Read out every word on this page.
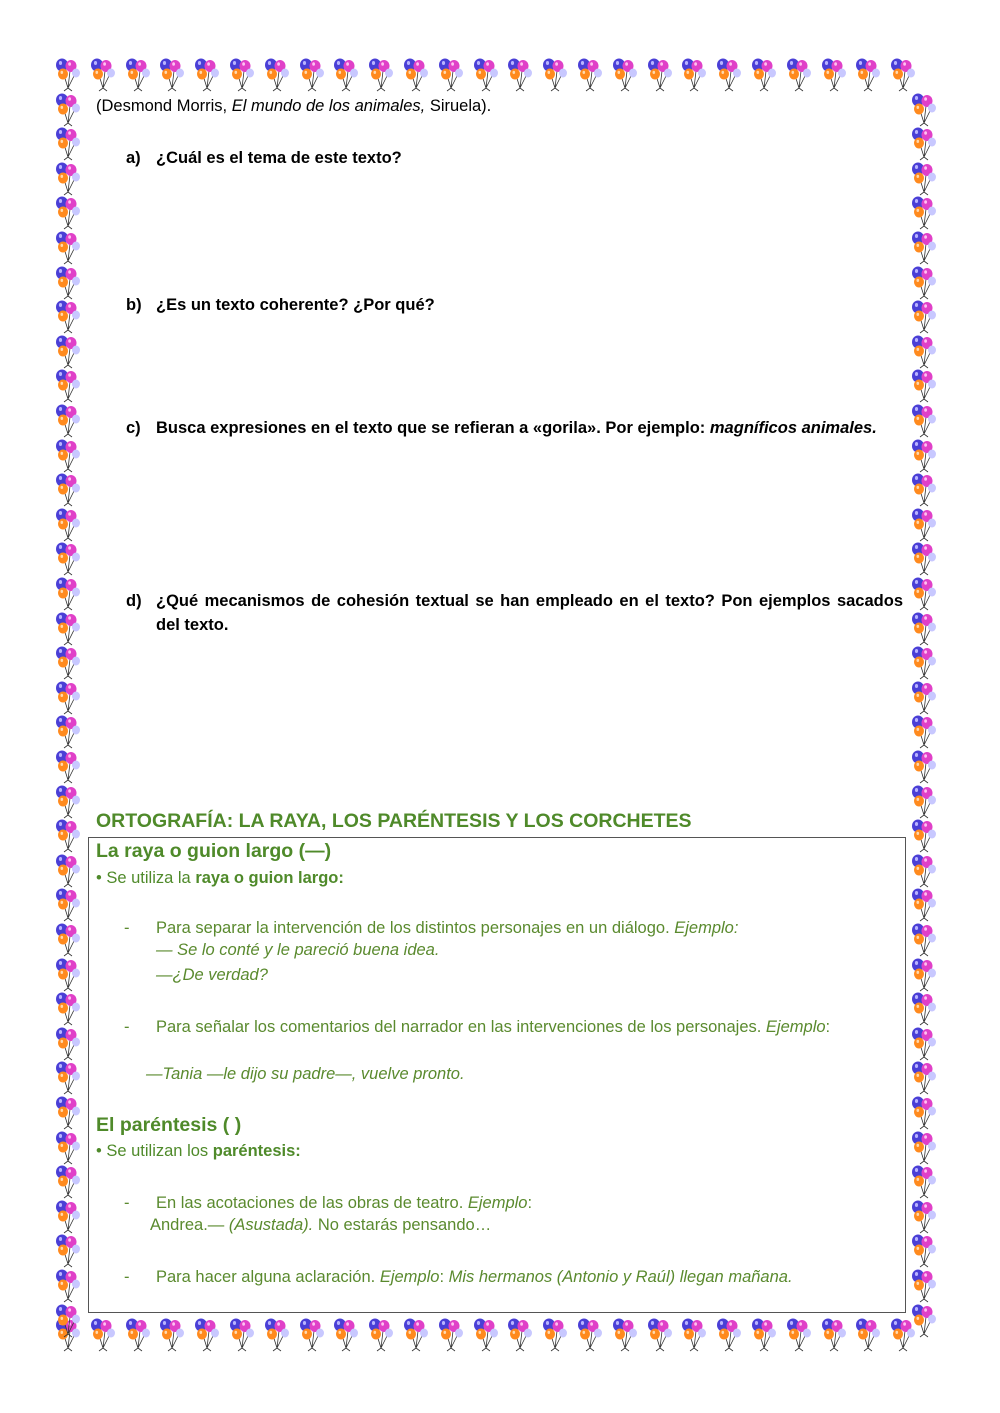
(Desmond Morris, El mundo de los animales, Siruela).
a) ¿Cuál es el tema de este texto?
b) ¿Es un texto coherente? ¿Por qué?
c) Busca expresiones en el texto que se refieran a «gorila». Por ejemplo: magníficos animales.
d) ¿Qué mecanismos de cohesión textual se han empleado en el texto? Pon ejemplos sacados del texto.
ORTOGRAFÍA: LA RAYA, LOS PARÉNTESIS Y LOS CORCHETES
La raya o guion largo (—)
• Se utiliza la raya o guion largo:
- Para separar la intervención de los distintos personajes en un diálogo. Ejemplo:
— Se lo conté y le pareció buena idea.
—¿De verdad?
- Para señalar los comentarios del narrador en las intervenciones de los personajes. Ejemplo:
—Tania —le dijo su padre—, vuelve pronto.
El paréntesis ( )
• Se utilizan los paréntesis:
- En las acotaciones de las obras de teatro. Ejemplo:
Andrea.— (Asustada). No estarás pensando…
- Para hacer alguna aclaración. Ejemplo: Mis hermanos (Antonio y Raúl) llegan mañana.
